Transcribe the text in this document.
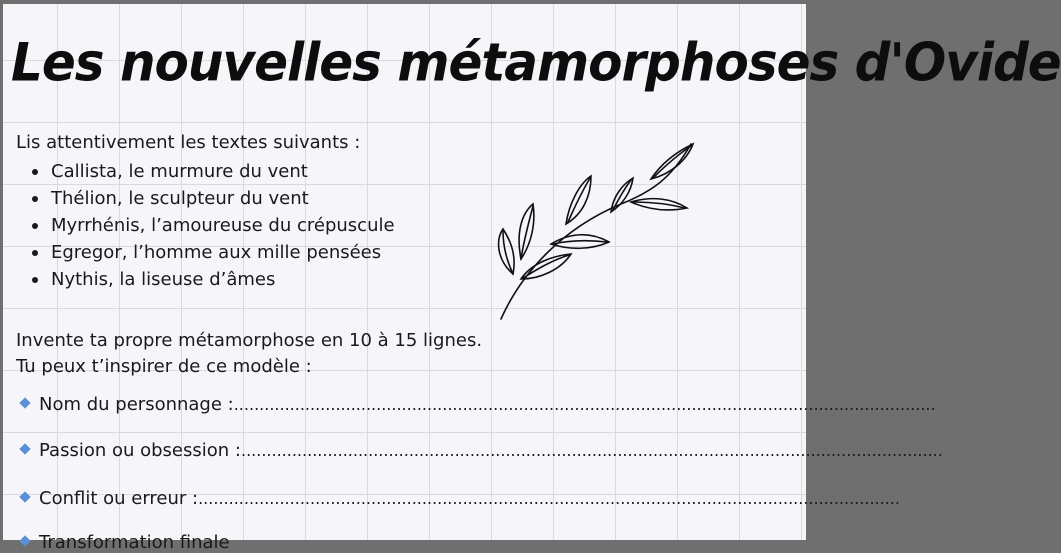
Les nouvelles métamorphoses d'Ovide

Lis attentivement les textes suivants :

Callista, le murmure du vent
Thélion, le sculpteur du vent
Myrrhénis, l’amoureuse du crépuscule
Egregor, l’homme aux mille pensées
Nythis, la liseuse d’âmes

Invente ta propre métamorphose en 10 à 15 lignes.

Tu peux t’inspirer de ce modèle :

Nom du personnage : ..........................................................................................................................................
Passion ou obsession : ..........................................................................................................................................
Conflit ou erreur : ..........................................................................................................................................
Transformation finale
